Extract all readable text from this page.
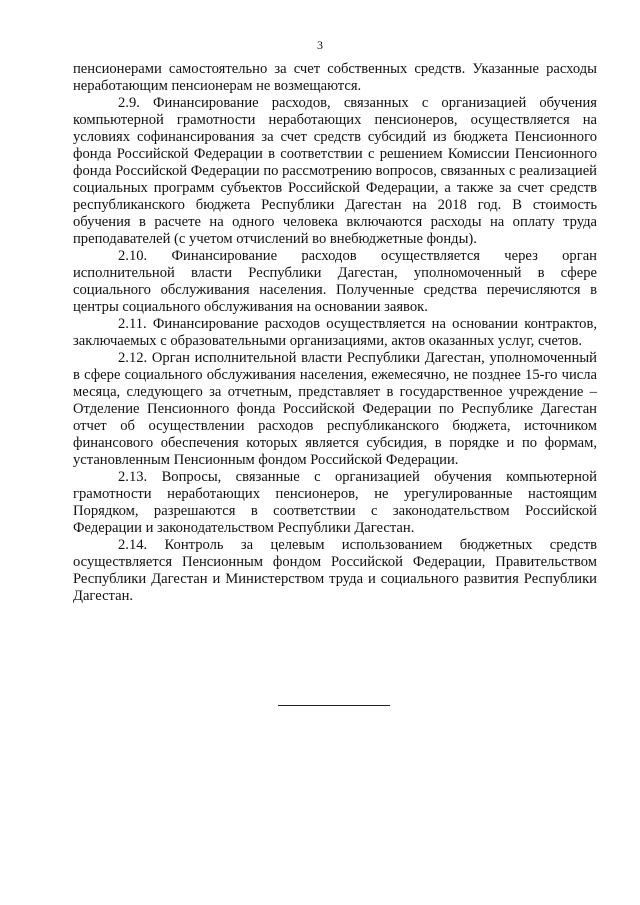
3

пенсионерами самостоятельно за счет собственных средств. Указанные расходы неработающим пенсионерам не возмещаются.

2.9. Финансирование расходов, связанных с организацией обучения компьютерной грамотности неработающих пенсионеров, осуществляется на условиях софинансирования за счет средств субсидий из бюджета Пенсионного фонда Российской Федерации в соответствии с решением Комиссии Пенсионного фонда Российской Федерации по рассмотрению вопросов, связанных с реализацией социальных программ субъектов Российской Федерации, а также за счет средств республиканского бюджета Республики Дагестан на 2018 год. В стоимость обучения в расчете на одного человека включаются расходы на оплату труда преподавателей (с учетом отчислений во внебюджетные фонды).

2.10. Финансирование расходов осуществляется через орган исполнительной власти Республики Дагестан, уполномоченный в сфере социального обслуживания населения. Полученные средства перечисляются в центры социального обслуживания на основании заявок.

2.11. Финансирование расходов осуществляется на основании контрактов, заключаемых с образовательными организациями, актов оказанных услуг, счетов.

2.12. Орган исполнительной власти Республики Дагестан, уполномоченный в сфере социального обслуживания населения, ежемесячно, не позднее 15-го числа месяца, следующего за отчетным, представляет в государственное учреждение – Отделение Пенсионного фонда Российской Федерации по Республике Дагестан отчет об осуществлении расходов республиканского бюджета, источником финансового обеспечения которых является субсидия, в порядке и по формам, установленным Пенсионным фондом Российской Федерации.

2.13. Вопросы, связанные с организацией обучения компьютерной грамотности неработающих пенсионеров, не урегулированные настоящим Порядком, разрешаются в соответствии с законодательством Российской Федерации и законодательством Республики Дагестан.

2.14. Контроль за целевым использованием бюджетных средств осуществляется Пенсионным фондом Российской Федерации, Правительством Республики Дагестан и Министерством труда и социального развития Республики Дагестан.
